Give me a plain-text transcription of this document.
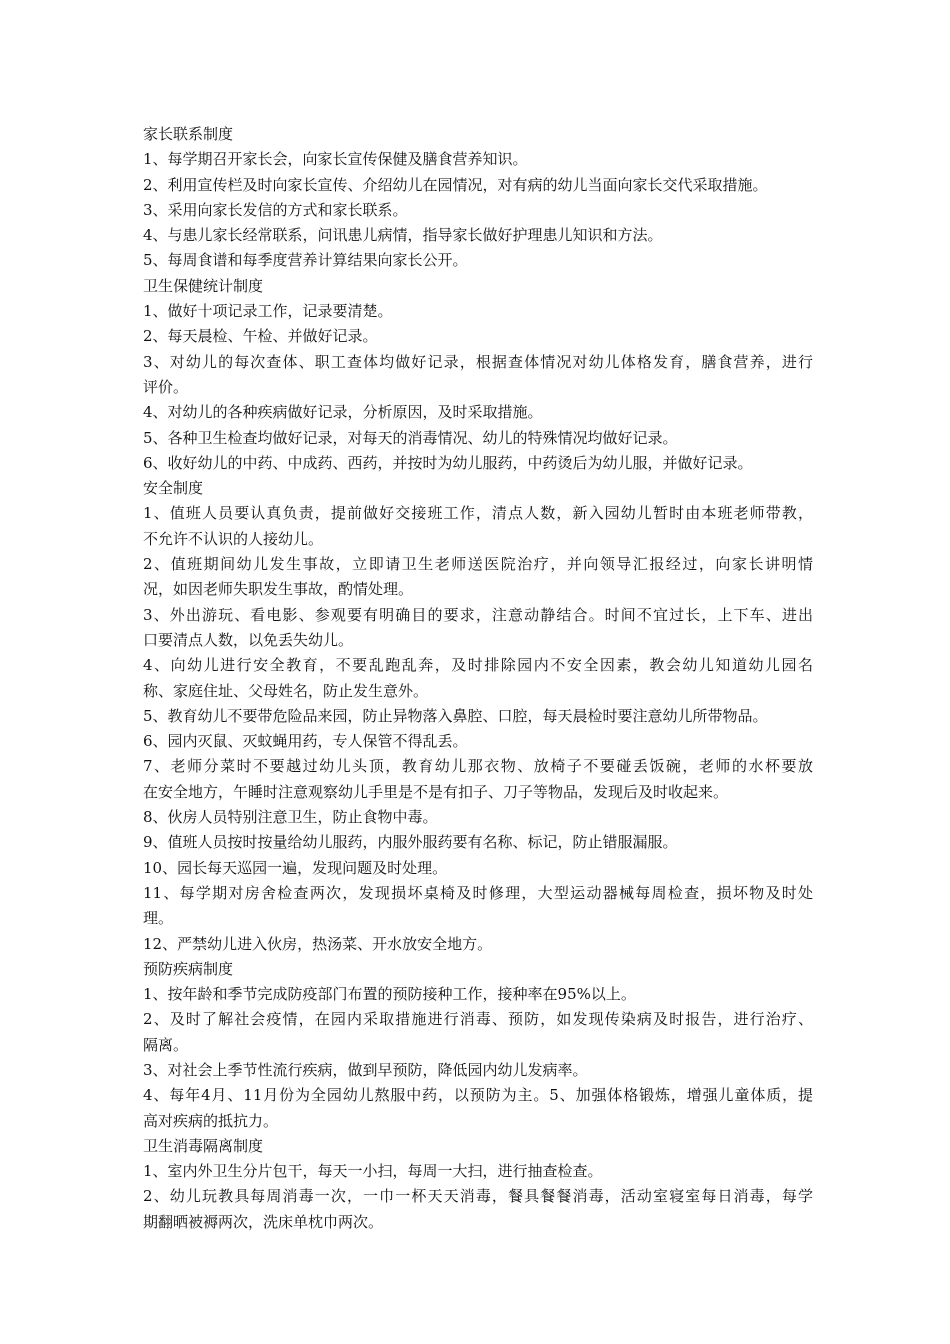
家长联系制度
1、每学期召开家长会，向家长宣传保健及膳食营养知识。
2、利用宣传栏及时向家长宣传、介绍幼儿在园情况，对有病的幼儿当面向家长交代采取措施。
3、采用向家长发信的方式和家长联系。
4、与患儿家长经常联系，问讯患儿病情，指导家长做好护理患儿知识和方法。
5、每周食谱和每季度营养计算结果向家长公开。
卫生保健统计制度
1、做好十项记录工作，记录要清楚。
2、每天晨检、午检、并做好记录。
3、对幼儿的每次查体、职工查体均做好记录，根据查体情况对幼儿体格发育，膳食营养，进行
评价。
4、对幼儿的各种疾病做好记录，分析原因，及时采取措施。
5、各种卫生检查均做好记录，对每天的消毒情况、幼儿的特殊情况均做好记录。
6、收好幼儿的中药、中成药、西药，并按时为幼儿服药，中药烫后为幼儿服，并做好记录。
安全制度
1、值班人员要认真负责，提前做好交接班工作，清点人数，新入园幼儿暂时由本班老师带教，
不允许不认识的人接幼儿。
2、值班期间幼儿发生事故，立即请卫生老师送医院治疗，并向领导汇报经过，向家长讲明情
况，如因老师失职发生事故，酌情处理。
3、外出游玩、看电影、参观要有明确目的要求，注意动静结合。时间不宜过长，上下车、进出
口要清点人数，以免丢失幼儿。
4、向幼儿进行安全教育，不要乱跑乱奔，及时排除园内不安全因素，教会幼儿知道幼儿园名
称、家庭住址、父母姓名，防止发生意外。
5、教育幼儿不要带危险品来园，防止异物落入鼻腔、口腔，每天晨检时要注意幼儿所带物品。
6、园内灭鼠、灭蚊蝇用药，专人保管不得乱丢。
7、老师分菜时不要越过幼儿头顶，教育幼儿那衣物、放椅子不要碰丢饭碗，老师的水杯要放
在安全地方，午睡时注意观察幼儿手里是不是有扣子、刀子等物品，发现后及时收起来。
8、伙房人员特别注意卫生，防止食物中毒。
9、值班人员按时按量给幼儿服药，内服外服药要有名称、标记，防止错服漏服。
10、园长每天巡园一遍，发现问题及时处理。
11、每学期对房舍检查两次，发现损坏桌椅及时修理，大型运动器械每周检查，损坏物及时处
理。
12、严禁幼儿进入伙房，热汤菜、开水放安全地方。
预防疾病制度
1、按年龄和季节完成防疫部门布置的预防接种工作，接种率在95%以上。
2、及时了解社会疫情，在园内采取措施进行消毒、预防，如发现传染病及时报告，进行治疗、
隔离。
3、对社会上季节性流行疾病，做到早预防，降低园内幼儿发病率。
4、每年4月、11月份为全园幼儿熬服中药，以预防为主。5、加强体格锻炼，增强儿童体质，提
高对疾病的抵抗力。
卫生消毒隔离制度
1、室内外卫生分片包干，每天一小扫，每周一大扫，进行抽查检查。
2、幼儿玩教具每周消毒一次，一巾一杯天天消毒，餐具餐餐消毒，活动室寝室每日消毒，每学
期翻晒被褥两次，洗床单枕巾两次。
